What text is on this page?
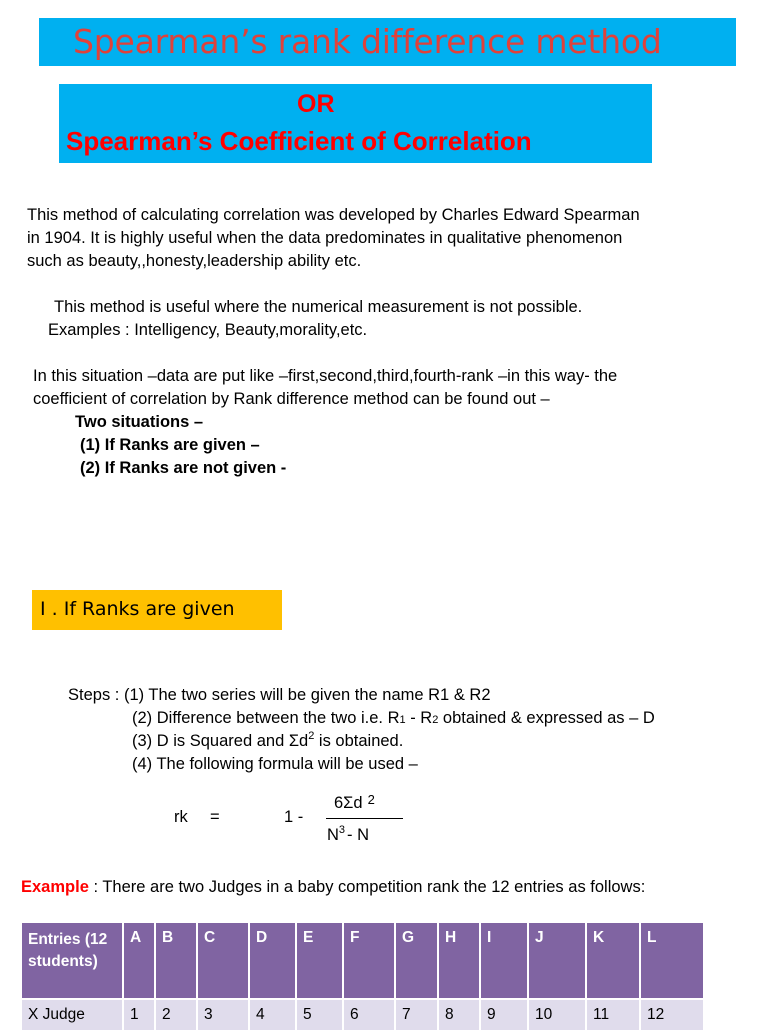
Spearman’s rank difference method
OR
Spearman’s Coefficient of Correlation
This method of calculating correlation was developed by Charles Edward Spearman
in 1904. It is highly useful when the data predominates in qualitative phenomenon
such as beauty,,honesty,leadership ability etc.
This method is useful where the numerical measurement is not possible.
Examples : Intelligency, Beauty,morality,etc.
In this situation –data are put like –first,second,third,fourth-rank –in this way- the
coefficient of correlation by Rank difference method can be found out –
Two situations –
(1) If Ranks are given –
(2) If Ranks are not given -
I . If Ranks are given
Steps : (1) The two series will be given the name R1 & R2
(2) Difference between the two i.e. R1 - R2 obtained & expressed as – D
(3) D is Squared and $\Sigma d^2$ is obtained.
(4) The following formula will be used –
rk =	1 -
6Σd $^2$
$N^3$ - N
Example : There are two Judges in a baby competition rank the 12 entries as follows:
Entries (12 students)	A	B	C	D	E	F	G	H	I	J	K	L
X Judge	1	2	3	4	5	6	7	8	9	10	11	12
